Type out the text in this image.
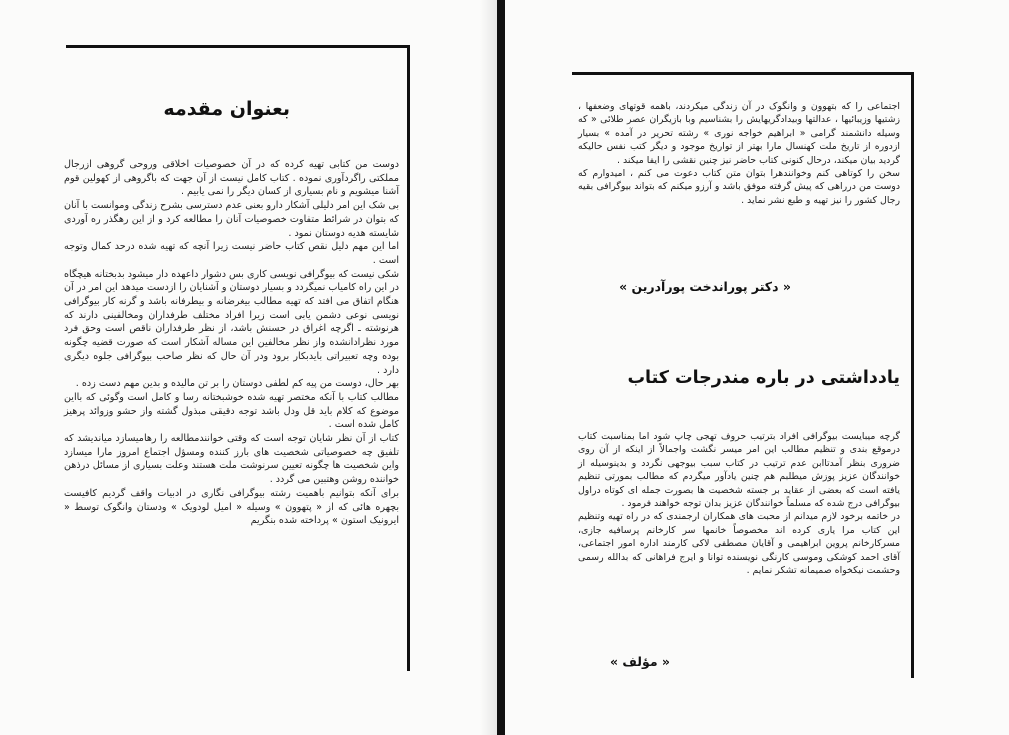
بعنوان مقدمه

دوست من کتابی تهیه کرده که در آن خصوصیات اخلاقی وروحی گروهی ازرجال مملکتی راگردآوری نموده . کتاب کامل نیست از آن جهت که باگروهی از کهولین قوم آشنا میشویم و نام بسیاری از کسان دیگر را نمی یابیم .

بی شک این امر دلیلی آشکار دارو بعنی عدم دسترسی بشرح زندگی وموانست با آنان که بتوان در شرائط متفاوت خصوصیات آنان را مطالعه کرد و از این رهگذر ره آوردی شایسته هدیه دوستان نمود .

اما این مهم دلیل نقص کتاب حاضر نیست زیرا آنچه که تهیه شده درحد کمال وتوجه است .

شکی نیست که بیوگرافی نویسی کاری بس دشوار داعهده دار میشود بدبختانه هیچگاه در این راه کامیاب نمیگردد و بسیار دوستان و آشنایان را ازدست میدهد این امر در آن هنگام اتفاق می افتد که تهیه مطالب بیغرضانه و بیطرفانه باشد و گرنه کار بیوگرافی نویسی نوعی دشمن یابی است زیرا افراد مختلف طرفداران ومخالفینی دارند که هرنوشته ـ اگرچه اغراق در حسنش باشد، از نظر طرفداران ناقص است وحق فرد مورد نظرادانشده واز نظر مخالفین این مساله آشکار است که صورت قضیه چگونه بوده وچه تعبیراتی بایدبکار برود ودر آن حال که نظر صاحب بیوگرافی جلوه دیگری دارد .

بهر حال، دوست من پیه کم لطفی دوستان را بر تن مالیده و بدین مهم دست زده .

مطالب کتاب با آنکه مختصر تهیه شده خوشبختانه رسا و کامل است وگوئی که بااین موضوع که کلام باید قل ودل باشد توجه دقیقی مبذول گشته واز حشو وزوائد پرهیز کامل شده است .

کتاب از آن نظر شایان توجه است که وقتی خوانندمطالعه را رهامیسازد میاندیشد که تلفیق چه خصوصیاتی شخصیت های بارز کننده ومسؤل اجتماع امروز مارا میسازد واین شخصیت ها چگونه تعیین سرنوشت ملت هستند وعلت بسیاری از مسائل درذهن خواننده روشن وهتبین می گردد .

برای آنکه بتوانیم باهمیت رشته بیوگرافی نگاری در ادبیات واقف گردیم کافیست بچهره هائی که از « پتهوون » وسیله « امیل لودویک » ودستان وانگوک توسط « ایرونیک استون » پرداخته شده بنگریم

اجتماعی را که بتهوون و وانگوک در آن زندگی میکردند، باهمه قوتهای وضعفها ، زشتیها وزیبائیها ، عدالتها وبیدادگریهایش را بشناسیم وبا بازیگران عصر طلائی « که وسیله دانشمند گرامی « ابراهیم خواجه نوری » رشته تحریر در آمده » بسیار ازدوره از تاریخ ملت کهنسال مارا بهتر از تواریخ موجود و دیگر کتب نفس حالیکه گردید بیان میکند، درحال کنونی کتاب حاضر نیز چنین نقشی را ایفا میکند .

سخن را کوتاهی کنم وخوانندهرا بتوان متن کتاب دعوت می کنم ، امیدوارم که دوست من درراهی که پیش گرفته موفق باشد و آرزو میکنم که بتواند بیوگرافی بقیه رجال کشور را نیز تهیه و طبع نشر نماید .

« دکتر پوراندخت پورآدرین »
یادداشتی در باره مندرجات کتاب

گرچه میبایست بیوگرافی افراد بترتیب حروف تهجی چاپ شود اما بمناسبت کتاب درموقع بندی و تنظیم مطالب این امر میسر نگشت واجمالاً از اینکه از آن روی ضروری بنظر آمدتاابن عدم ترتیب در کتاب سبب بیوجهی نگردد و بدینوسیله از خوانندگان عزیز پوزش میطلبم هم چنین یادآور میگردم که مطالب بمورتی تنظیم یافته است که بعضی از عقاید بر جسته شخصیت ها بصورت جمله ای کوتاه دراول بیوگرافی درج شده که مسلماً خوانندگان عزیز بدان توجه خواهند فرمود .

در خاتمه برخود لازم میدانم از محبت های همکاران ارجمندی که در راه تهیه وتنظیم این کتاب مرا یاری کرده اند مخصوصاً خانمها سر کارخانم پرسافیه جازی، مسرکارخانم پروین ابراهیمی و آقایان مصطفی لاکی کارمند اداره امور اجتماعی، آقای احمد کوشکی وموسی کارنگی نویسنده توانا و ایرج فراهانی که بدالله رسمی وحشمت نیکخواه صمیمانه تشکر نمایم .

« مؤلف »
